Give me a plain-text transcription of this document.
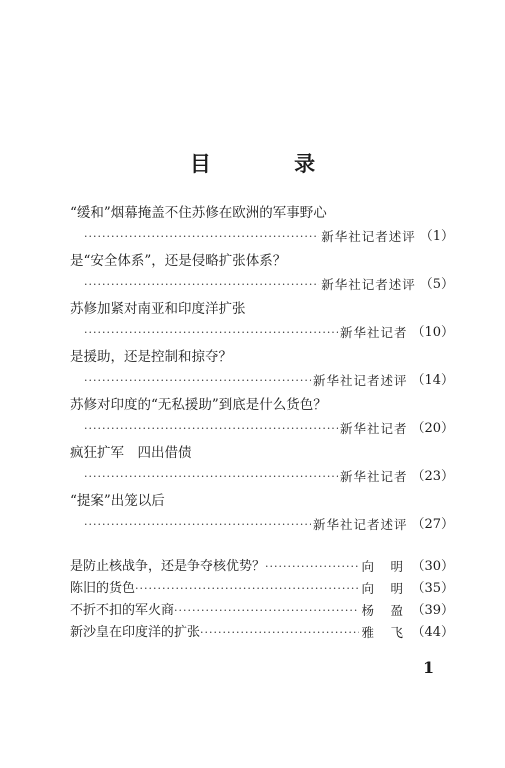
目 录
“缓和”烟幕掩盖不住苏修在欧洲的军事野心
·····
新华社记者述评 （1）
是“安全体系”，还是侵略扩张体系？
·····
新华社记者述评 （5）
苏修加紧对南亚和印度洋扩张
·····
新华社记者 （10）
是援助，还是控制和掠夺？
·····
新华社记者述评 （14）
苏修对印度的“无私援助”到底是什么货色？
·····
新华社记者 （20）
疯狂扩军　四出借债
·····
新华社记者 （23）
“提案”出笼以后
·····
新华社记者述评 （27）
是防止核战争，还是争夺核优势？ ·····	向　明 （30）
陈旧的货色 ·····	向　明 （35）
不折不扣的军火商 ·····	杨　盈 （39）
新沙皇在印度洋的扩张 ·····	雅　飞 （44）
1
